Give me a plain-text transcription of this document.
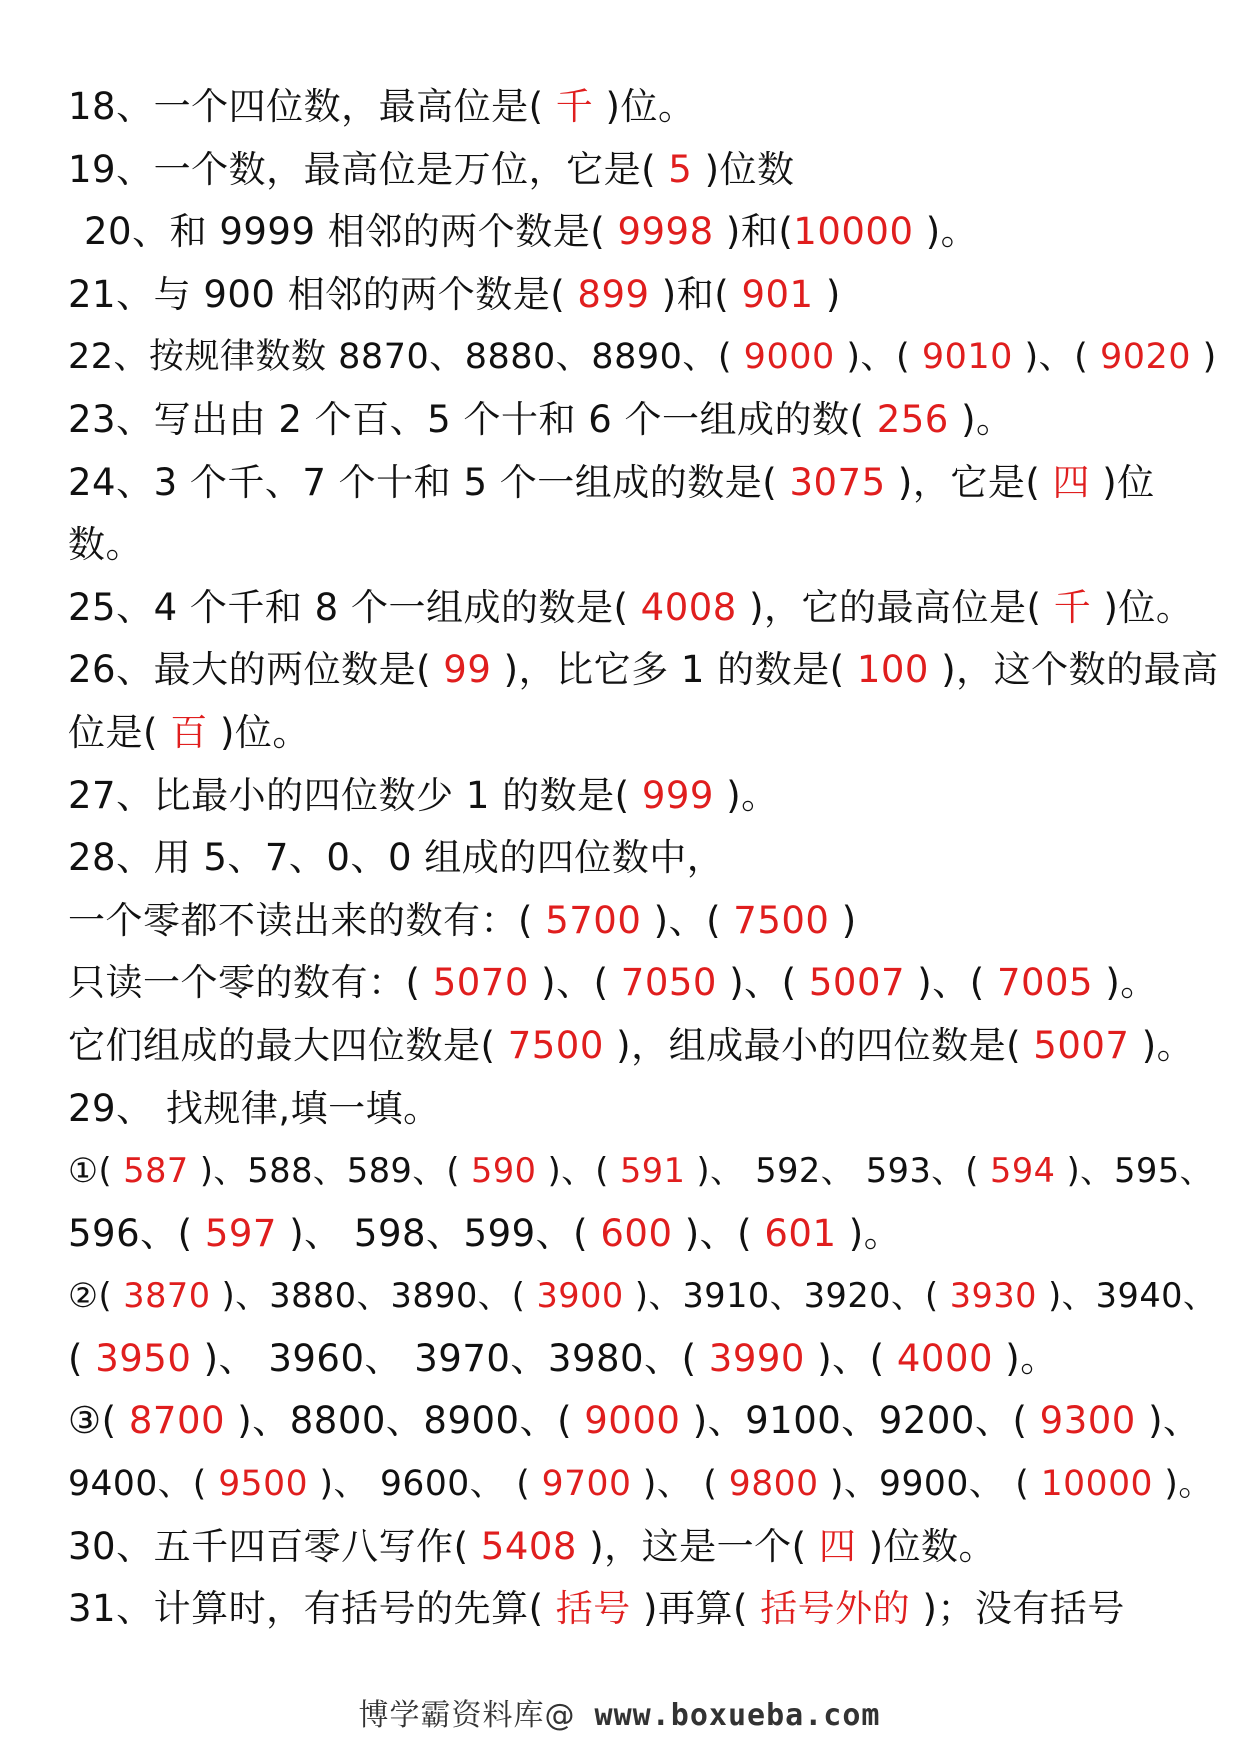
18、一个四位数，最高位是( 千 )位。
19、一个数，最高位是万位，它是( 5 )位数
20、和 9999 相邻的两个数是( 9998 )和(10000 )。
21、与 900 相邻的两个数是( 899 )和( 901 )
22、按规律数数 8870、8880、8890、( 9000 )、( 9010 )、( 9020 )
23、写出由 2 个百、5 个十和 6 个一组成的数( 256 )。
24、3 个千、7 个十和 5 个一组成的数是( 3075 )，它是( 四 )位
数。
25、4 个千和 8 个一组成的数是( 4008 )，它的最高位是( 千 )位。
26、最大的两位数是( 99 )，比它多 1 的数是( 100 )，这个数的最高
位是( 百 )位。
27、比最小的四位数少 1 的数是( 999 )。
28、用 5、7、0、0 组成的四位数中，
一个零都不读出来的数有：( 5700 )、( 7500 )
只读一个零的数有：( 5070 )、( 7050 )、( 5007 )、( 7005 )。
它们组成的最大四位数是( 7500 )，组成最小的四位数是( 5007 )。
29、 找规律,填一填。
①( 587 )、588、589、( 590 )、( 591 )、 592、 593、( 594 )、595、
596、( 597 )、 598、599、( 600 )、( 601 )。
②( 3870 )、3880、3890、( 3900 )、3910、3920、( 3930 )、3940、
( 3950 )、 3960、 3970、3980、( 3990 )、( 4000 )。
③( 8700 )、8800、8900、( 9000 )、9100、9200、( 9300 )、
9400、( 9500 )、 9600、 ( 9700 )、 ( 9800 )、9900、 ( 10000 )。
30、五千四百零八写作( 5408 )，这是一个( 四 )位数。
31、计算时，有括号的先算( 括号 )再算( 括号外的 )；没有括号
博学霸资料库@ www.boxueba.com
